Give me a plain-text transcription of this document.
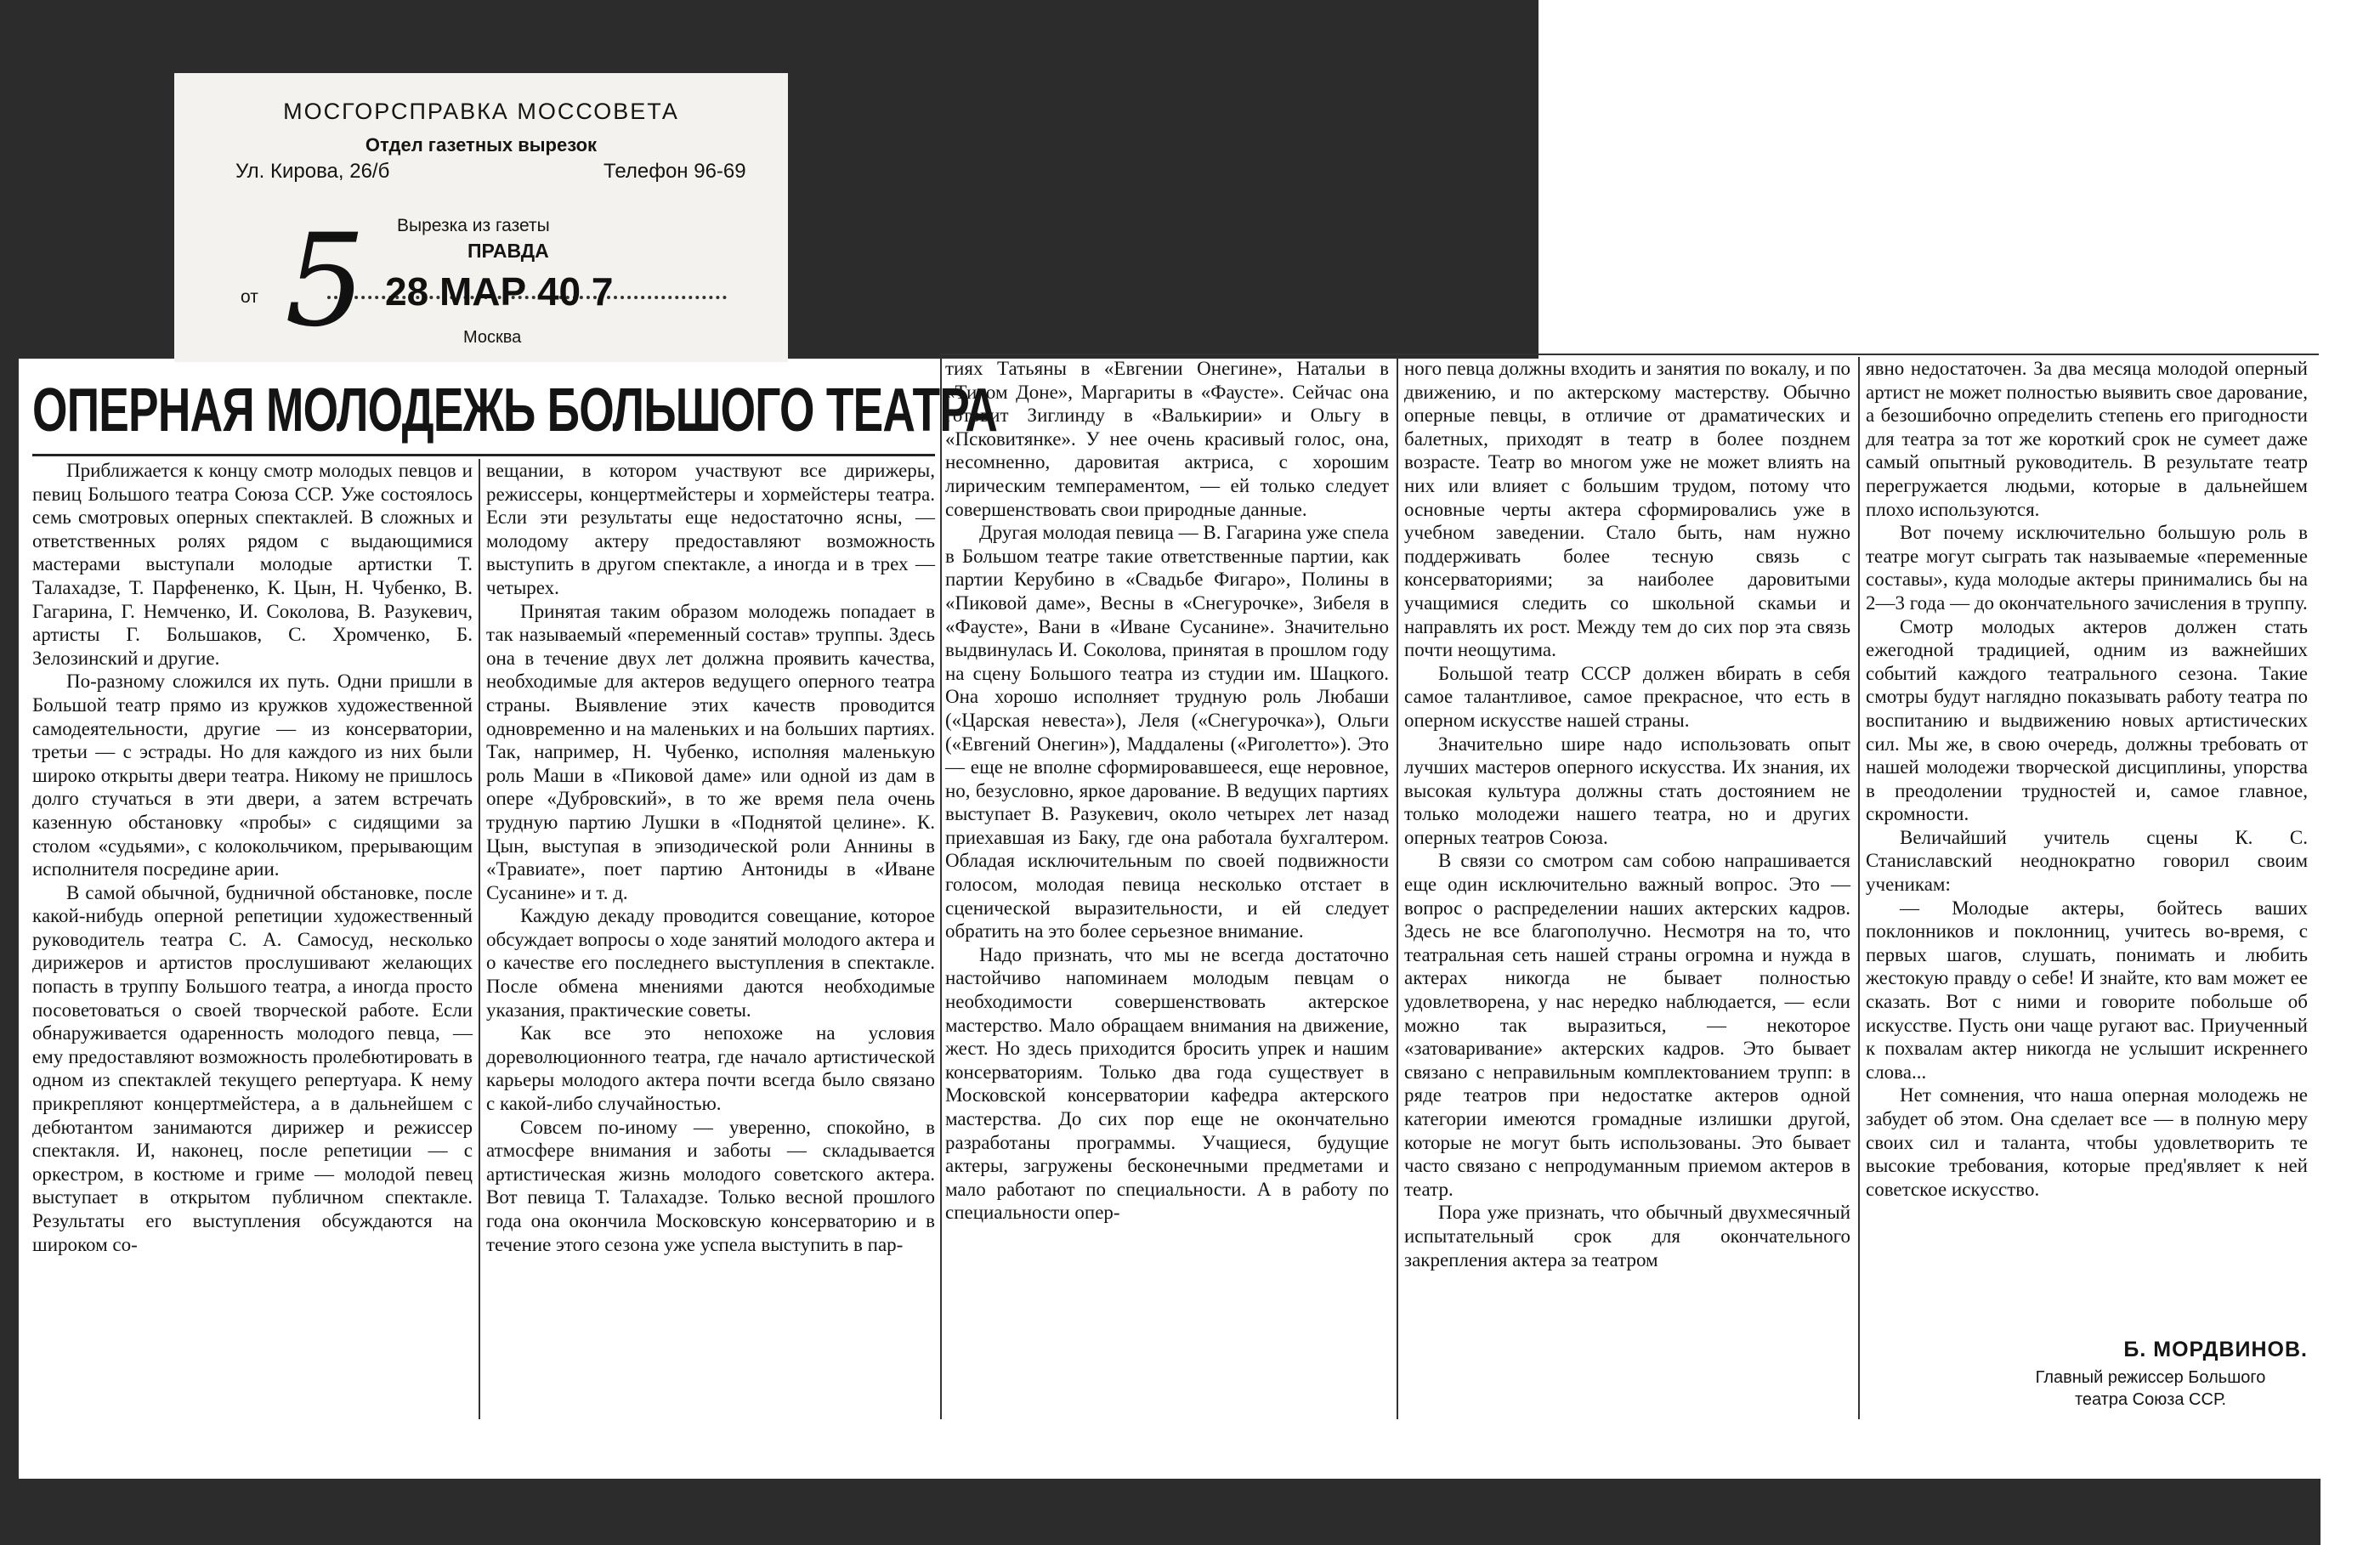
МОСГОРСПРАВКА МОССОВЕТА
Отдел газетных вырезок
Ул. Кирова, 26/б	Телефон 96-69
Вырезка из газеты
ПРАВДА
от 5 28 МАР 40 7
Москва
ОПЕРНАЯ МОЛОДЕЖЬ БОЛЬШОГО ТЕАТРА

Приближается к концу смотр молодых певцов и певиц Большого театра Союза ССР. Уже состоялось семь смотровых оперных спектаклей. В сложных и ответственных ролях рядом с выдающимися мастерами выступали молодые артистки Т. Талахадзе, Т. Парфененко, К. Цын, Н. Чубенко, В. Гагарина, Г. Немченко, И. Соколова, В. Разукевич, артисты Г. Большаков, С. Хромченко, Б. Зелозинский и другие.

По-разному сложился их путь. Одни пришли в Большой театр прямо из кружков художественной самодеятельности, другие — из консерватории, третьи — с эстрады. Но для каждого из них были широко открыты двери театра. Никому не пришлось долго стучаться в эти двери, а затем встречать казенную обстановку «пробы» с сидящими за столом «судьями», с колокольчиком, прерывающим исполнителя посредине арии.

В самой обычной, будничной обстановке, после какой-нибудь оперной репетиции художественный руководитель театра С. А. Самосуд, несколько дирижеров и артистов прослушивают желающих попасть в труппу Большого театра, а иногда просто посоветоваться о своей творческой работе. Если обнаруживается одаренность молодого певца, — ему предоставляют возможность пролебютировать в одном из спектаклей текущего репертуара. К нему прикрепляют концертмейстера, а в дальнейшем с дебютантом занимаются дирижер и режиссер спектакля. И, наконец, после репетиции — с оркестром, в костюме и гриме — молодой певец выступает в открытом публичном спектакле. Результаты его выступления обсуждаются на широком со-

вещании, в котором участвуют все дирижеры, режиссеры, концертмейстеры и хормейстеры театра. Если эти результаты еще недостаточно ясны, — молодому актеру предоставляют возможность выступить в другом спектакле, а иногда и в трех — четырех.

Принятая таким образом молодежь попадает в так называемый «переменный состав» труппы. Здесь она в течение двух лет должна проявить качества, необходимые для актеров ведущего оперного театра страны. Выявление этих качеств проводится одновременно и на маленьких и на больших партиях. Так, например, Н. Чубенко, исполняя маленькую роль Маши в «Пиковой даме» или одной из дам в опере «Дубровский», в то же время пела очень трудную партию Лушки в «Поднятой целине». К. Цын, выступая в эпизодической роли Аннины в «Травиате», поет партию Антониды в «Иване Сусанине» и т. д.

Каждую декаду проводится совещание, которое обсуждает вопросы о ходе занятий молодого актера и о качестве его последнего выступления в спектакле. После обмена мнениями даются необходимые указания, практические советы.

Как все это непохоже на условия дореволюционного театра, где начало артистической карьеры молодого актера почти всегда было связано с какой-либо случайностью.

Совсем по-иному — уверенно, спокойно, в атмосфере внимания и заботы — складывается артистическая жизнь молодого советского актера. Вот певица Т. Талахадзе. Только весной прошлого года она окончила Московскую консерваторию и в течение этого сезона уже успела выступить в пар-

тиях Татьяны в «Евгении Онегине», Натальи в «Тихом Доне», Маргариты в «Фаусте». Сейчас она готовит Зиглинду в «Валькирии» и Ольгу в «Псковитянке». У нее очень красивый голос, она, несомненно, даровитая актриса, с хорошим лирическим темпераментом, — ей только следует совершенствовать свои природные данные.

Другая молодая певица — В. Гагарина уже спела в Большом театре такие ответственные партии, как партии Керубино в «Свадьбе Фигаро», Полины в «Пиковой даме», Весны в «Снегурочке», Зибеля в «Фаусте», Вани в «Иване Сусанине». Значительно выдвинулась И. Соколова, принятая в прошлом году на сцену Большого театра из студии им. Шацкого. Она хорошо исполняет трудную роль Любаши («Царская невеста»), Леля («Снегурочка»), Ольги («Евгений Онегин»), Маддалены («Риголетто»). Это — еще не вполне сформировавшееся, еще неровное, но, безусловно, яркое дарование. В ведущих партиях выступает В. Разукевич, около четырех лет назад приехавшая из Баку, где она работала бухгалтером. Обладая исключительным по своей подвижности голосом, молодая певица несколько отстает в сценической выразительности, и ей следует обратить на это более серьезное внимание.

Надо признать, что мы не всегда достаточно настойчиво напоминаем молодым певцам о необходимости совершенствовать актерское мастерство. Мало обращаем внимания на движение, жест. Но здесь приходится бросить упрек и нашим консерваториям. Только два года существует в Московской консерватории кафедра актерского мастерства. До сих пор еще не окончательно разработаны программы. Учащиеся, будущие актеры, загружены бесконечными предметами и мало работают по специальности. А в работу по специальности опер-

ного певца должны входить и занятия по вокалу, и по движению, и по актерскому мастерству. Обычно оперные певцы, в отличие от драматических и балетных, приходят в театр в более позднем возрасте. Театр во многом уже не может влиять на них или влияет с большим трудом, потому что основные черты актера сформировались уже в учебном заведении. Стало быть, нам нужно поддерживать более тесную связь с консерваториями; за наиболее даровитыми учащимися следить со школьной скамьи и направлять их рост. Между тем до сих пор эта связь почти неощутима.

Большой театр СССР должен вбирать в себя самое талантливое, самое прекрасное, что есть в оперном искусстве нашей страны.

Значительно шире надо использовать опыт лучших мастеров оперного искусства. Их знания, их высокая культура должны стать достоянием не только молодежи нашего театра, но и других оперных театров Союза.

В связи со смотром сам собою напрашивается еще один исключительно важный вопрос. Это — вопрос о распределении наших актерских кадров. Здесь не все благополучно. Несмотря на то, что театральная сеть нашей страны огромна и нужда в актерах никогда не бывает полностью удовлетворена, у нас нередко наблюдается, — если можно так выразиться, — некоторое «затоваривание» актерских кадров. Это бывает связано с неправильным комплектованием трупп: в ряде театров при недостатке актеров одной категории имеются громадные излишки другой, которые не могут быть использованы. Это бывает часто связано с непродуманным приемом актеров в театр.

Пора уже признать, что обычный двухмесячный испытательный срок для окончательного закрепления актера за театром

явно недостаточен. За два месяца молодой оперный артист не может полностью выявить свое дарование, а безошибочно определить степень его пригодности для театра за тот же короткий срок не сумеет даже самый опытный руководитель. В результате театр перегружается людьми, которые в дальнейшем плохо используются.

Вот почему исключительно большую роль в театре могут сыграть так называемые «переменные составы», куда молодые актеры принимались бы на 2—3 года — до окончательного зачисления в труппу.

Смотр молодых актеров должен стать ежегодной традицией, одним из важнейших событий каждого театрального сезона. Такие смотры будут наглядно показывать работу театра по воспитанию и выдвижению новых артистических сил. Мы же, в свою очередь, должны требовать от нашей молодежи творческой дисциплины, упорства в преодолении трудностей и, самое главное, скромности.

Величайший учитель сцены К. С. Станиславский неоднократно говорил своим ученикам:

— Молодые актеры, бойтесь ваших поклонников и поклонниц, учитесь во-время, с первых шагов, слушать, понимать и любить жестокую правду о себе! И знайте, кто вам может ее сказать. Вот с ними и говорите побольше об искусстве. Пусть они чаще ругают вас. Приученный к похвалам актер никогда не услышит искреннего слова...

Нет сомнения, что наша оперная молодежь не забудет об этом. Она сделает все — в полную меру своих сил и таланта, чтобы удовлетворить те высокие требования, которые пред'являет к ней советское искусство.

Б. МОРДВИНОВ.
Главный режиссер Большого
театра Союза ССР.
